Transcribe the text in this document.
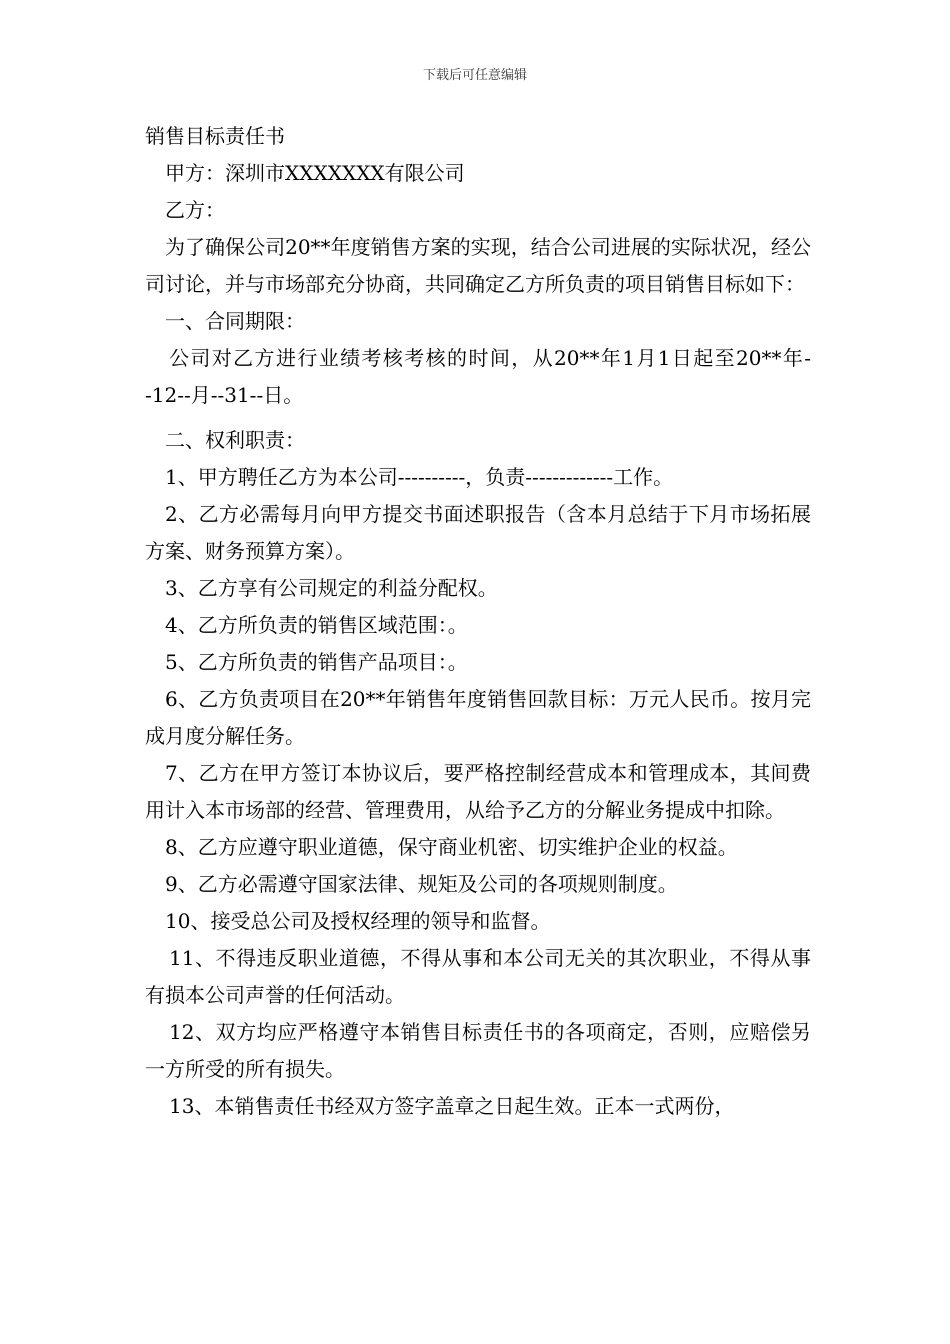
下载后可任意编辑

销售目标责任书

甲方：深圳市XXXXXXX有限公司

乙方：

为了确保公司20**年度销售方案的实现，结合公司进展的实际状况，经公司讨论，并与市场部充分协商，共同确定乙方所负责的项目销售目标如下：

一、合同期限：

公司对乙方进行业绩考核考核的时间，从20**年1月1日起至20**年--12--月--31--日。

二、权利职责：

1、甲方聘任乙方为本公司----------，负责-------------工作。

2、乙方必需每月向甲方提交书面述职报告（含本月总结于下月市场拓展方案、财务预算方案）。

3、乙方享有公司规定的利益分配权。

4、乙方所负责的销售区域范围：。

5、乙方所负责的销售产品项目：。

6、乙方负责项目在20**年销售年度销售回款目标：万元人民币。按月完成月度分解任务。

7、乙方在甲方签订本协议后，要严格控制经营成本和管理成本，其间费用计入本市场部的经营、管理费用，从给予乙方的分解业务提成中扣除。

8、乙方应遵守职业道德，保守商业机密、切实维护企业的权益。

9、乙方必需遵守国家法律、规矩及公司的各项规则制度。

10、接受总公司及授权经理的领导和监督。

11、不得违反职业道德，不得从事和本公司无关的其次职业，不得从事有损本公司声誉的任何活动。

12、双方均应严格遵守本销售目标责任书的各项商定，否则，应赔偿另一方所受的所有损失。

13、本销售责任书经双方签字盖章之日起生效。正本一式两份，
